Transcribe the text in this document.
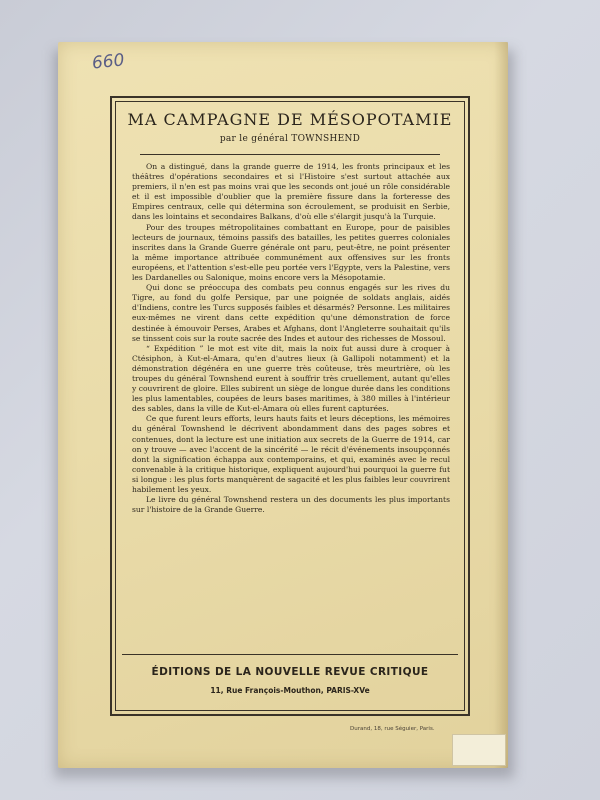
660
MA CAMPAGNE DE MÉSOPOTAMIE
par le général TOWNSHEND

On a distingué, dans la grande guerre de 1914, les fronts principaux et les théâtres d'opérations secondaires et si l'Histoire s'est surtout attachée aux premiers, il n'en est pas moins vrai que les seconds ont joué un rôle considérable et il est impossible d'oublier que la première fissure dans la forteresse des Empires centraux, celle qui détermina son écroulement, se produisit en Serbie, dans les lointains et secondaires Balkans, d'où elle s'élargit jusqu'à la Turquie.

Pour des troupes métropolitaines combattant en Europe, pour de paisibles lecteurs de journaux, témoins passifs des batailles, les petites guerres coloniales inscrites dans la Grande Guerre générale ont paru, peut-être, ne point présenter la même importance attribuée communément aux offensives sur les fronts européens, et l'attention s'est-elle peu portée vers l'Egypte, vers la Palestine, vers les Dardanelles ou Salonique, moins encore vers la Mésopotamie.

Qui donc se préoccupa des combats peu connus engagés sur les rives du Tigre, au fond du golfe Persique, par une poignée de soldats anglais, aidés d'Indiens, contre les Turcs supposés faibles et désarmés? Personne. Les militaires eux-mêmes ne virent dans cette expédition qu'une démonstration de force destinée à émouvoir Perses, Arabes et Afghans, dont l'Angleterre souhaitait qu'ils se tinssent cois sur la route sacrée des Indes et autour des richesses de Mossoul.

“ Expédition ” le mot est vite dit, mais la noix fut aussi dure à croquer à Ctésiphon, à Kut-el-Amara, qu'en d'autres lieux (à Gallipoli notamment) et la démonstration dégénéra en une guerre très coûteuse, très meurtrière, où les troupes du général Townshend eurent à souffrir très cruellement, autant qu'elles y couvrirent de gloire. Elles subirent un siège de longue durée dans les conditions les plus lamentables, coupées de leurs bases maritimes, à 380 milles à l'intérieur des sables, dans la ville de Kut-el-Amara où elles furent capturées.

Ce que furent leurs efforts, leurs hauts faits et leurs déceptions, les mémoires du général Townshend le décrivent abondamment dans des pages sobres et contenues, dont la lecture est une initiation aux secrets de la Guerre de 1914, car on y trouve — avec l'accent de la sincérité — le récit d'événements insoupçonnés dont la signification échappa aux contemporains, et qui, examinés avec le recul convenable à la critique historique, expliquent aujourd'hui pourquoi la guerre fut si longue : les plus forts manquèrent de sagacité et les plus faibles leur couvrirent habilement les yeux.

Le livre du général Townshend restera un des documents les plus importants sur l'histoire de la Grande Guerre.

ÉDITIONS DE LA NOUVELLE REVUE CRITIQUE
11, Rue François-Mouthon, PARIS-XVe
Durand, 18, rue Séguier, Paris.
